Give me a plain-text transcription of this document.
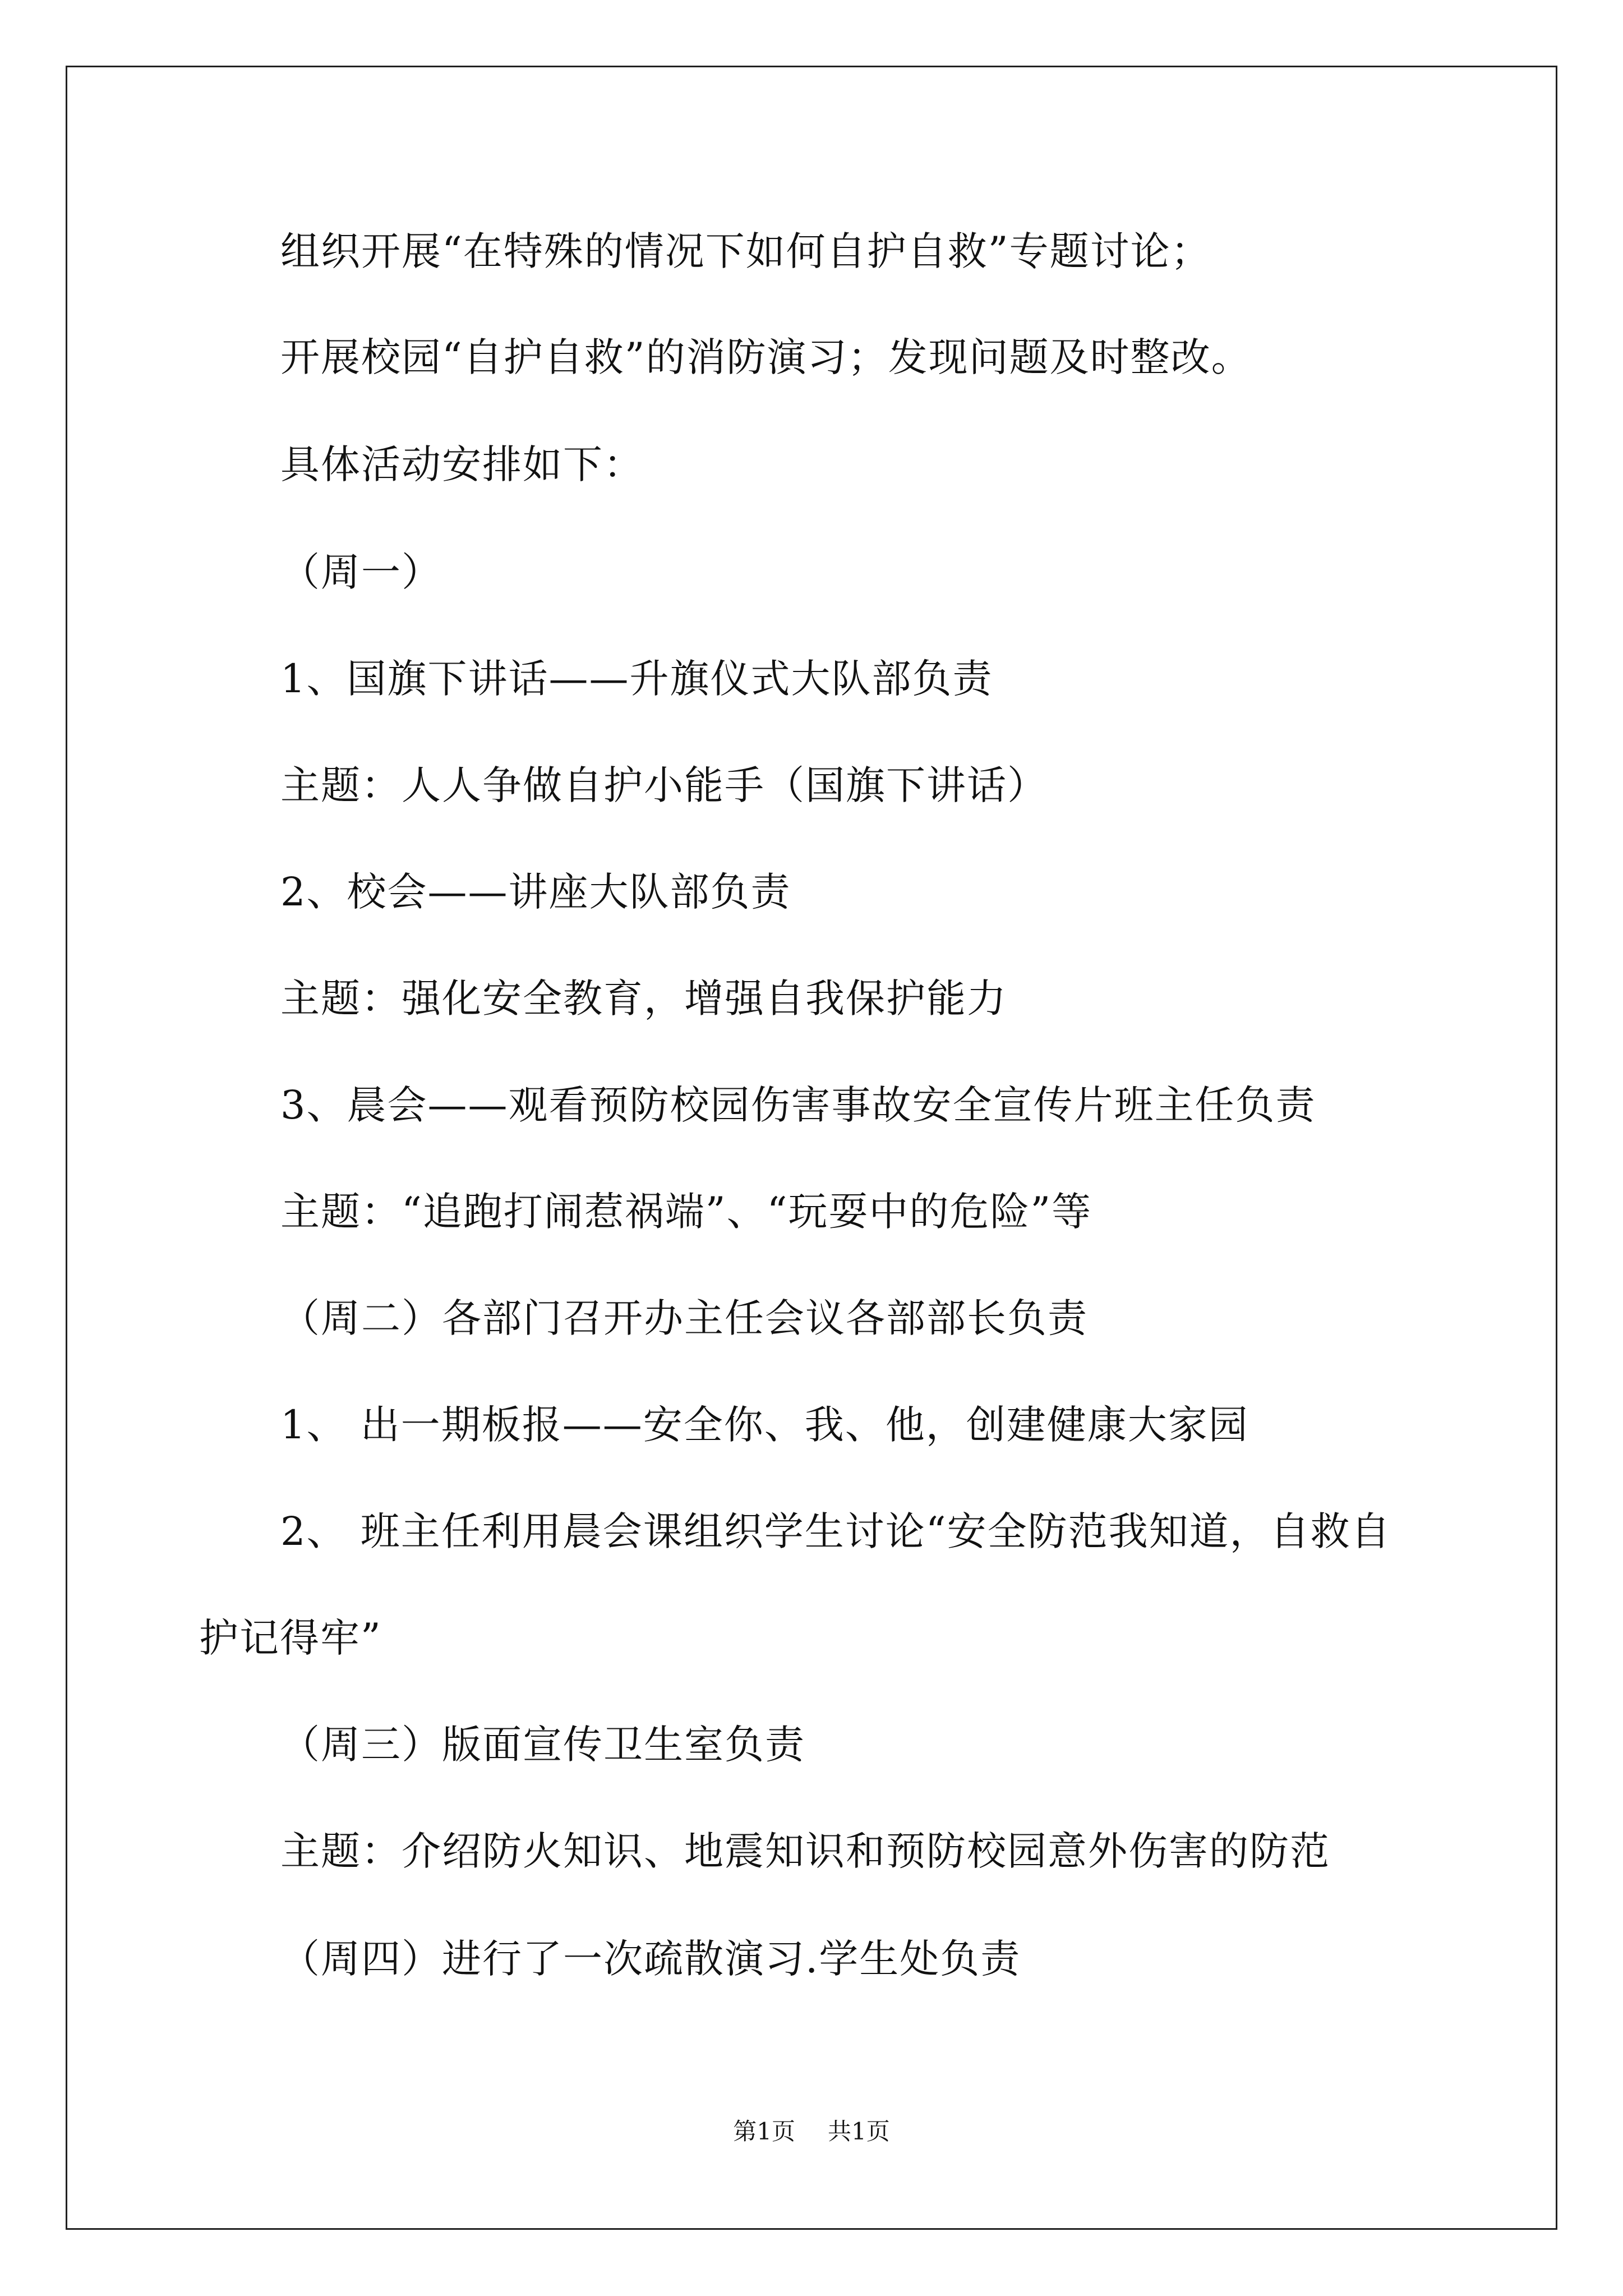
组织开展“在特殊的情况下如何自护自救”专题讨论；
开展校园“自护自救”的消防演习；发现问题及时整改。
具体活动安排如下：
（周一）
1、国旗下讲话——升旗仪式大队部负责
主题：人人争做自护小能手（国旗下讲话）
2、校会——讲座大队部负责
主题：强化安全教育，增强自我保护能力
3、晨会——观看预防校园伤害事故安全宣传片班主任负责
主题：“追跑打闹惹祸端”、“玩耍中的危险”等
（周二）各部门召开办主任会议各部部长负责
1、 出一期板报——安全你、我、他，创建健康大家园
2、 班主任利用晨会课组织学生讨论“安全防范我知道，自救自
护记得牢”
（周三）版面宣传卫生室负责
主题：介绍防火知识、地震知识和预防校园意外伤害的防范
（周四）进行了一次疏散演习.学生处负责
第1页 共1页
